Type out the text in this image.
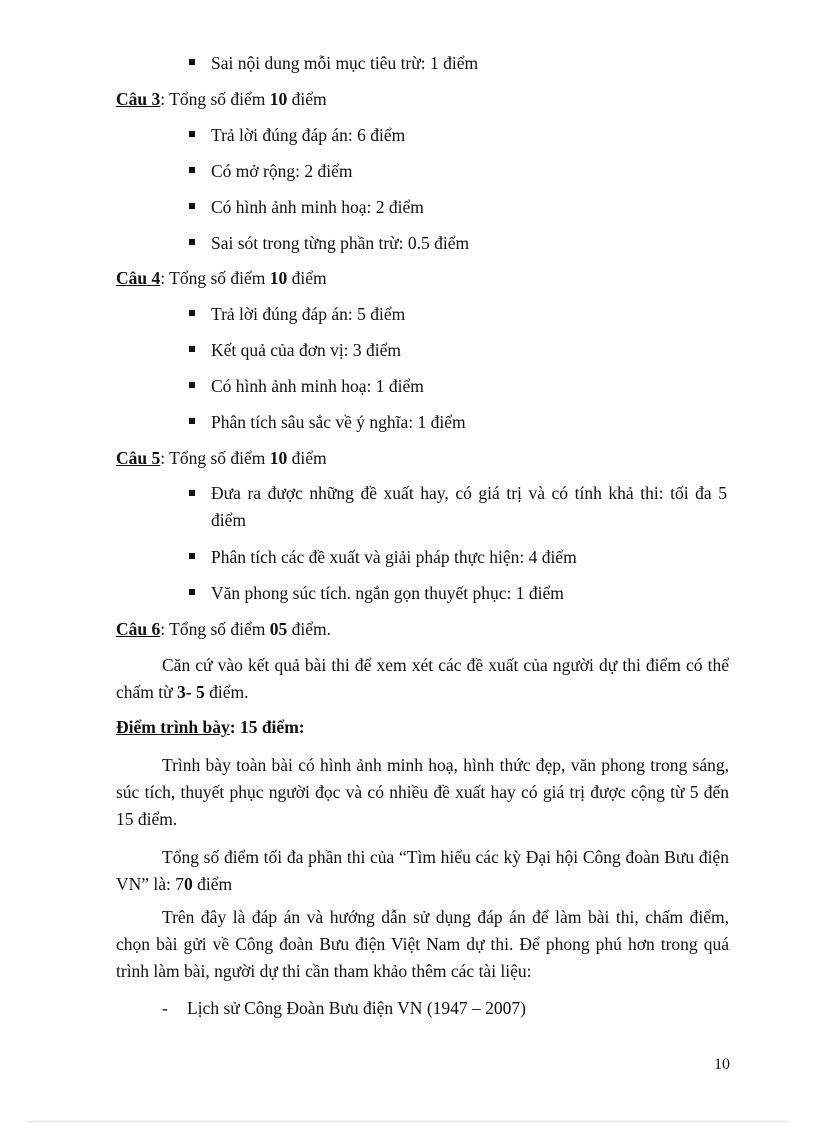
Sai nội dung mỗi mục tiêu trừ: 1 điểm
Câu 3: Tổng số điểm 10 điểm
Trả lời đúng đáp án: 6 điểm
Có mở rộng: 2 điểm
Có hình ảnh minh hoạ: 2 điểm
Sai sót trong từng phần trừ: 0.5 điểm
Câu 4: Tổng số điểm 10 điểm
Trả lời đúng đáp án: 5 điểm
Kết quả của đơn vị: 3 điểm
Có hình ảnh minh hoạ: 1 điểm
Phân tích sâu sắc về ý nghĩa: 1 điểm
Câu 5: Tổng số điểm 10 điểm
Đưa ra được những đề xuất hay, có giá trị và có tính khả thi: tối đa 5 điểm
Phân tích các đề xuất và giải pháp thực hiện: 4 điểm
Văn phong súc tích. ngắn gọn thuyết phục: 1 điểm
Câu 6: Tổng số điểm 05 điểm.
Căn cứ vào kết quả bài thi để xem xét các đề xuất của người dự thi điểm có thể chấm từ 3- 5 điểm.
Điểm trình bày: 15 điểm:
Trình bày toàn bài có hình ảnh minh hoạ, hình thức đẹp, văn phong trong sáng, súc tích, thuyết phục người đọc và có nhiều đề xuất hay có giá trị được cộng từ 5 đến 15 điểm.
Tổng số điểm tối đa phần thi của “Tìm hiểu các kỳ Đại hội Công đoàn Bưu điện VN” là: 70 điểm
Trên đây là đáp án và hướng dẫn sử dụng đáp án để làm bài thi, chấm điểm, chọn bài gửi về Công đoàn Bưu điện Việt Nam dự thi. Để phong phú hơn trong quá trình làm bài, người dự thi cần tham khảo thêm các tài liệu:
- Lịch sử Công Đoàn Bưu điện VN (1947 – 2007)
10
